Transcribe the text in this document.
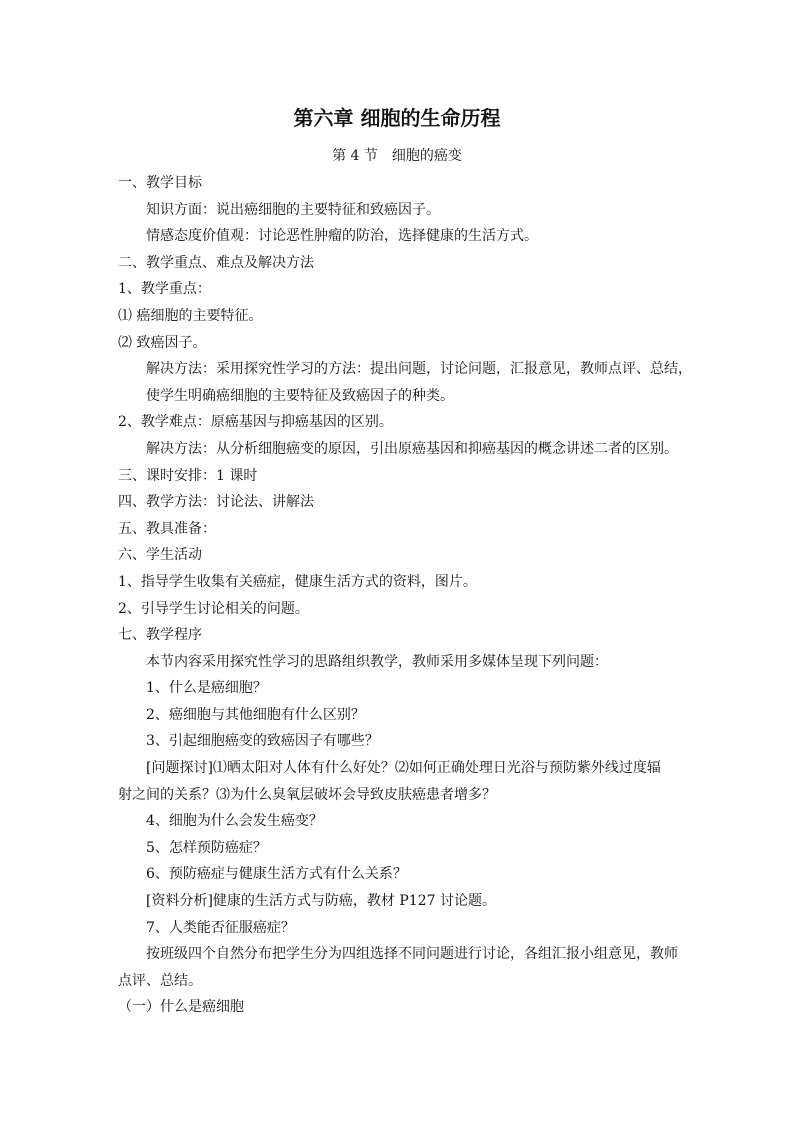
第六章 细胞的生命历程
第 4 节　细胞的癌变
一、教学目标
知识方面：说出癌细胞的主要特征和致癌因子。
情感态度价值观：讨论恶性肿瘤的防治，选择健康的生活方式。
二、教学重点、难点及解决方法
1、教学重点：
⑴ 癌细胞的主要特征。
⑵ 致癌因子。
解决方法：采用探究性学习的方法：提出问题，讨论问题，汇报意见，教师点评、总结，
使学生明确癌细胞的主要特征及致癌因子的种类。
2、教学难点：原癌基因与抑癌基因的区别。
解决方法：从分析细胞癌变的原因，引出原癌基因和抑癌基因的概念讲述二者的区别。
三、课时安排：1 课时
四、教学方法：讨论法、讲解法
五、教具准备：
六、学生活动
1、指导学生收集有关癌症，健康生活方式的资料，图片。
2、引导学生讨论相关的问题。
七、教学程序
本节内容采用探究性学习的思路组织教学，教师采用多媒体呈现下列问题：
1、什么是癌细胞？
2、癌细胞与其他细胞有什么区别？
3、引起细胞癌变的致癌因子有哪些？
[问题探讨]⑴晒太阳对人体有什么好处？⑵如何正确处理日光浴与预防紫外线过度辐
射之间的关系？⑶为什么臭氧层破坏会导致皮肤癌患者增多？
4、细胞为什么会发生癌变？
5、怎样预防癌症？
6、预防癌症与健康生活方式有什么关系？
[资料分析]健康的生活方式与防癌，教材 P127 讨论题。
7、人类能否征服癌症？
按班级四个自然分布把学生分为四组选择不同问题进行讨论，各组汇报小组意见，教师
点评、总结。
（一）什么是癌细胞
